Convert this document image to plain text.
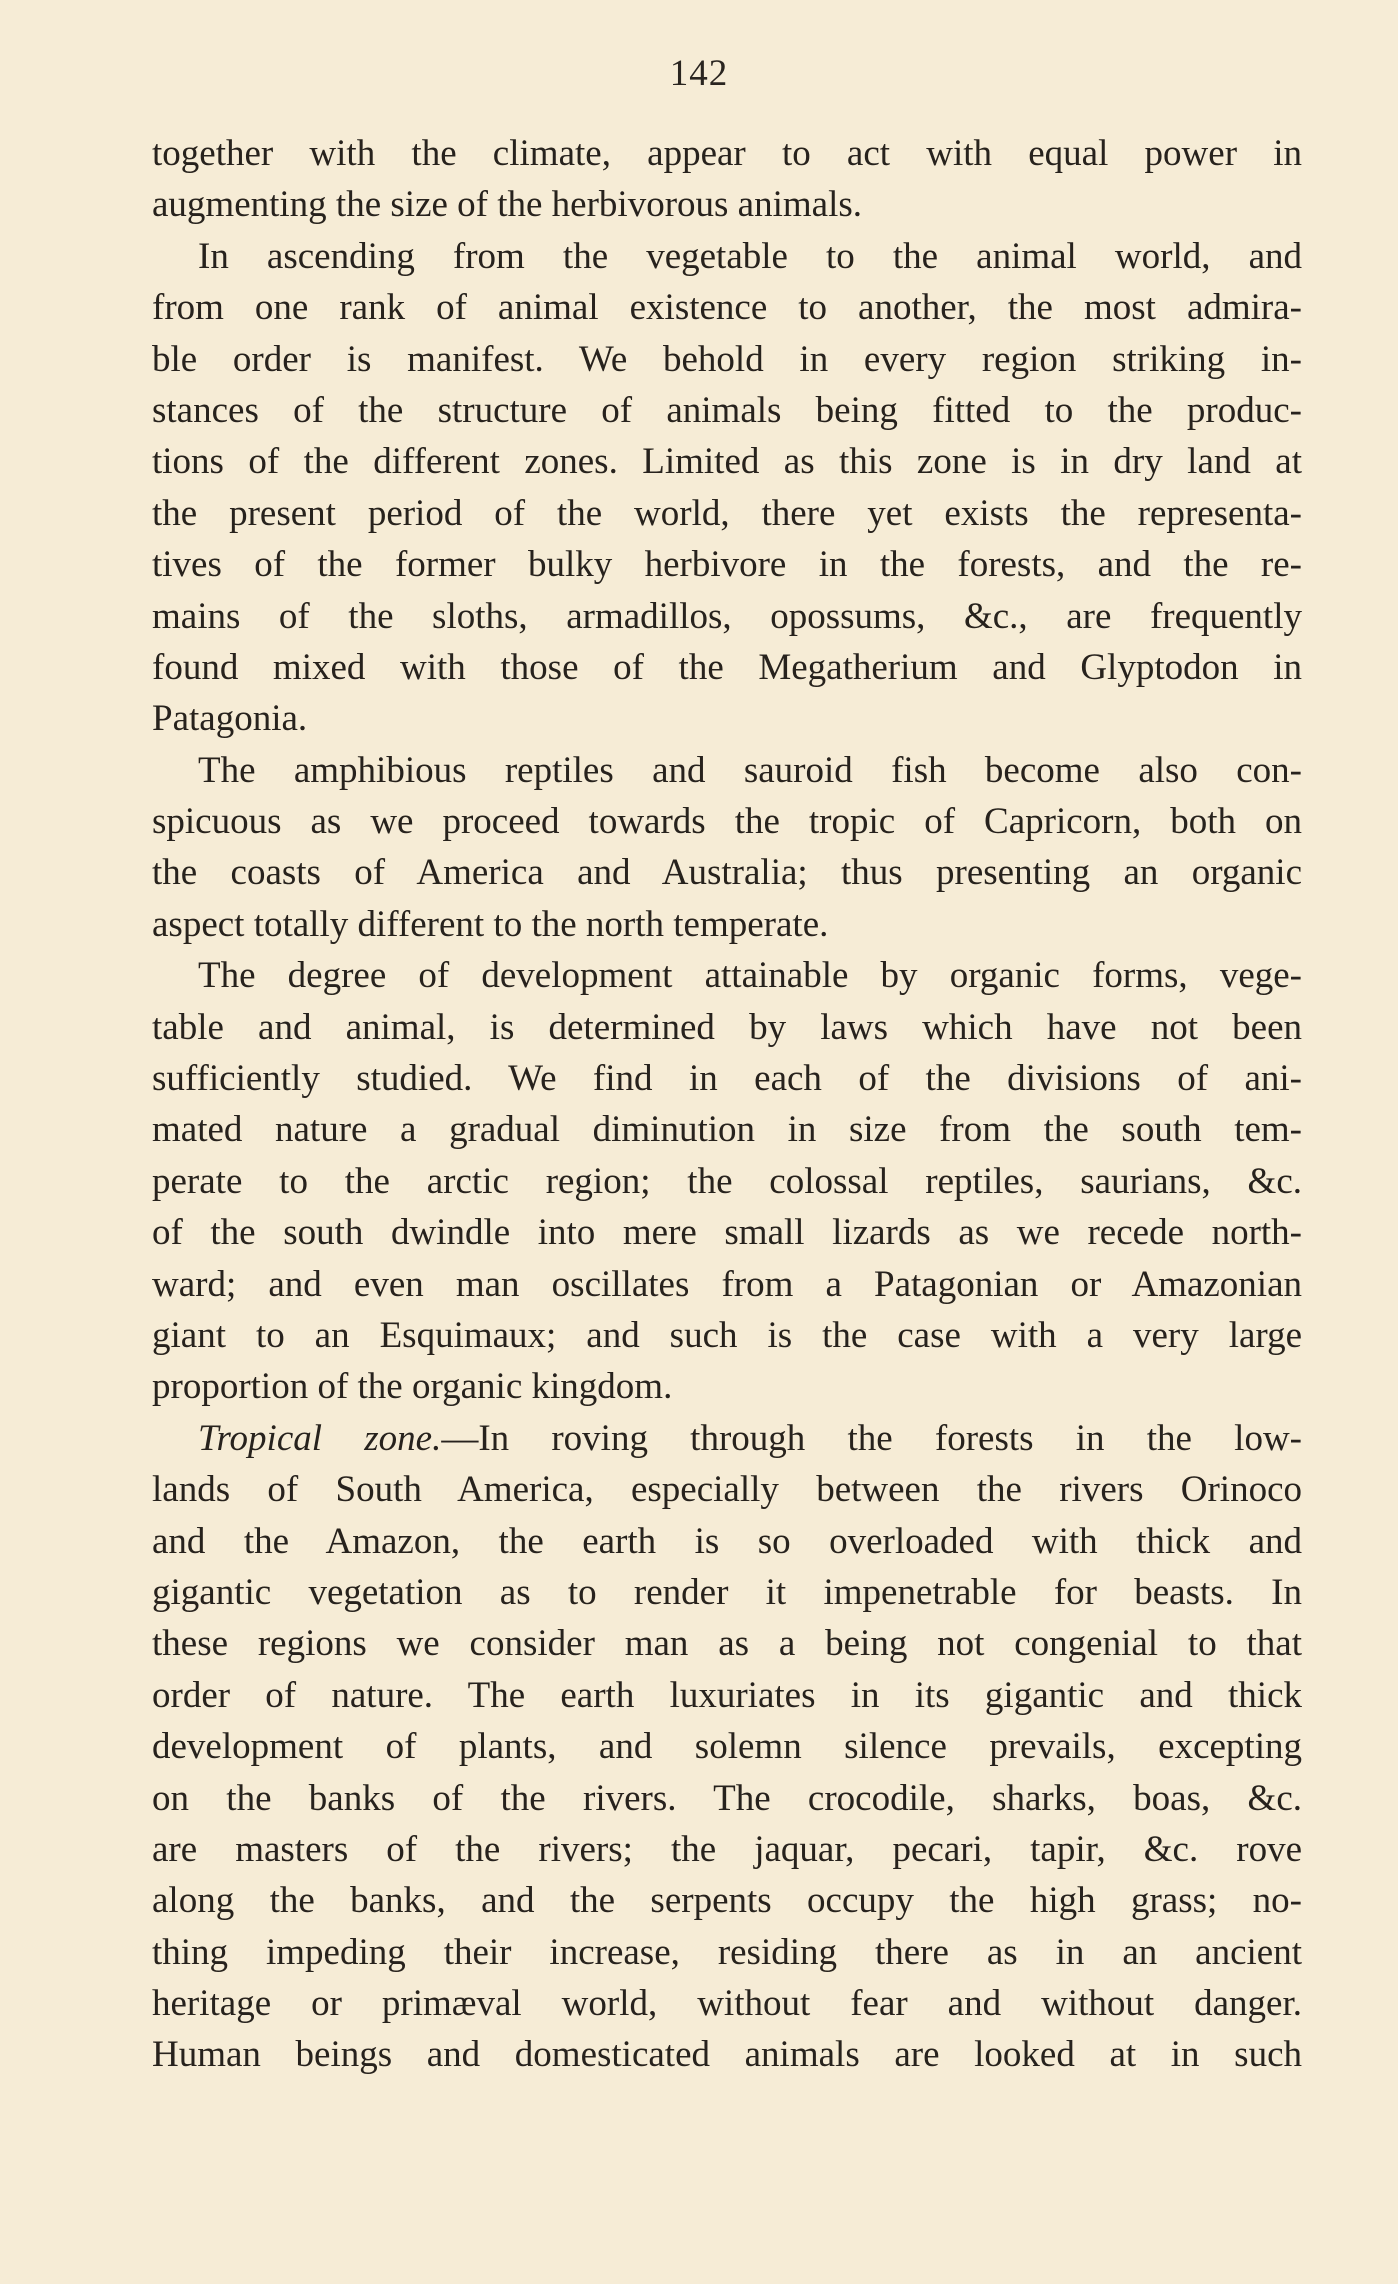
142
together with the climate, appear to act with equal power in
augmenting the size of the herbivorous animals.
In ascending from the vegetable to the animal world, and
from one rank of animal existence to another, the most admira-
ble order is manifest. We behold in every region striking in-
stances of the structure of animals being fitted to the produc-
tions of the different zones. Limited as this zone is in dry land at
the present period of the world, there yet exists the representa-
tives of the former bulky herbivore in the forests, and the re-
mains of the sloths, armadillos, opossums, &c., are frequently
found mixed with those of the Megatherium and Glyptodon in
Patagonia.
The amphibious reptiles and sauroid fish become also con-
spicuous as we proceed towards the tropic of Capricorn, both on
the coasts of America and Australia; thus presenting an organic
aspect totally different to the north temperate.
The degree of development attainable by organic forms, vege-
table and animal, is determined by laws which have not been
sufficiently studied. We find in each of the divisions of ani-
mated nature a gradual diminution in size from the south tem-
perate to the arctic region; the colossal reptiles, saurians, &c.
of the south dwindle into mere small lizards as we recede north-
ward; and even man oscillates from a Patagonian or Amazonian
giant to an Esquimaux; and such is the case with a very large
proportion of the organic kingdom.
Tropical zone.—In roving through the forests in the low-
lands of South America, especially between the rivers Orinoco
and the Amazon, the earth is so overloaded with thick and
gigantic vegetation as to render it impenetrable for beasts. In
these regions we consider man as a being not congenial to that
order of nature. The earth luxuriates in its gigantic and thick
development of plants, and solemn silence prevails, excepting
on the banks of the rivers. The crocodile, sharks, boas, &c.
are masters of the rivers; the jaquar, pecari, tapir, &c. rove
along the banks, and the serpents occupy the high grass; no-
thing impeding their increase, residing there as in an ancient
heritage or primæval world, without fear and without danger.
Human beings and domesticated animals are looked at in such
